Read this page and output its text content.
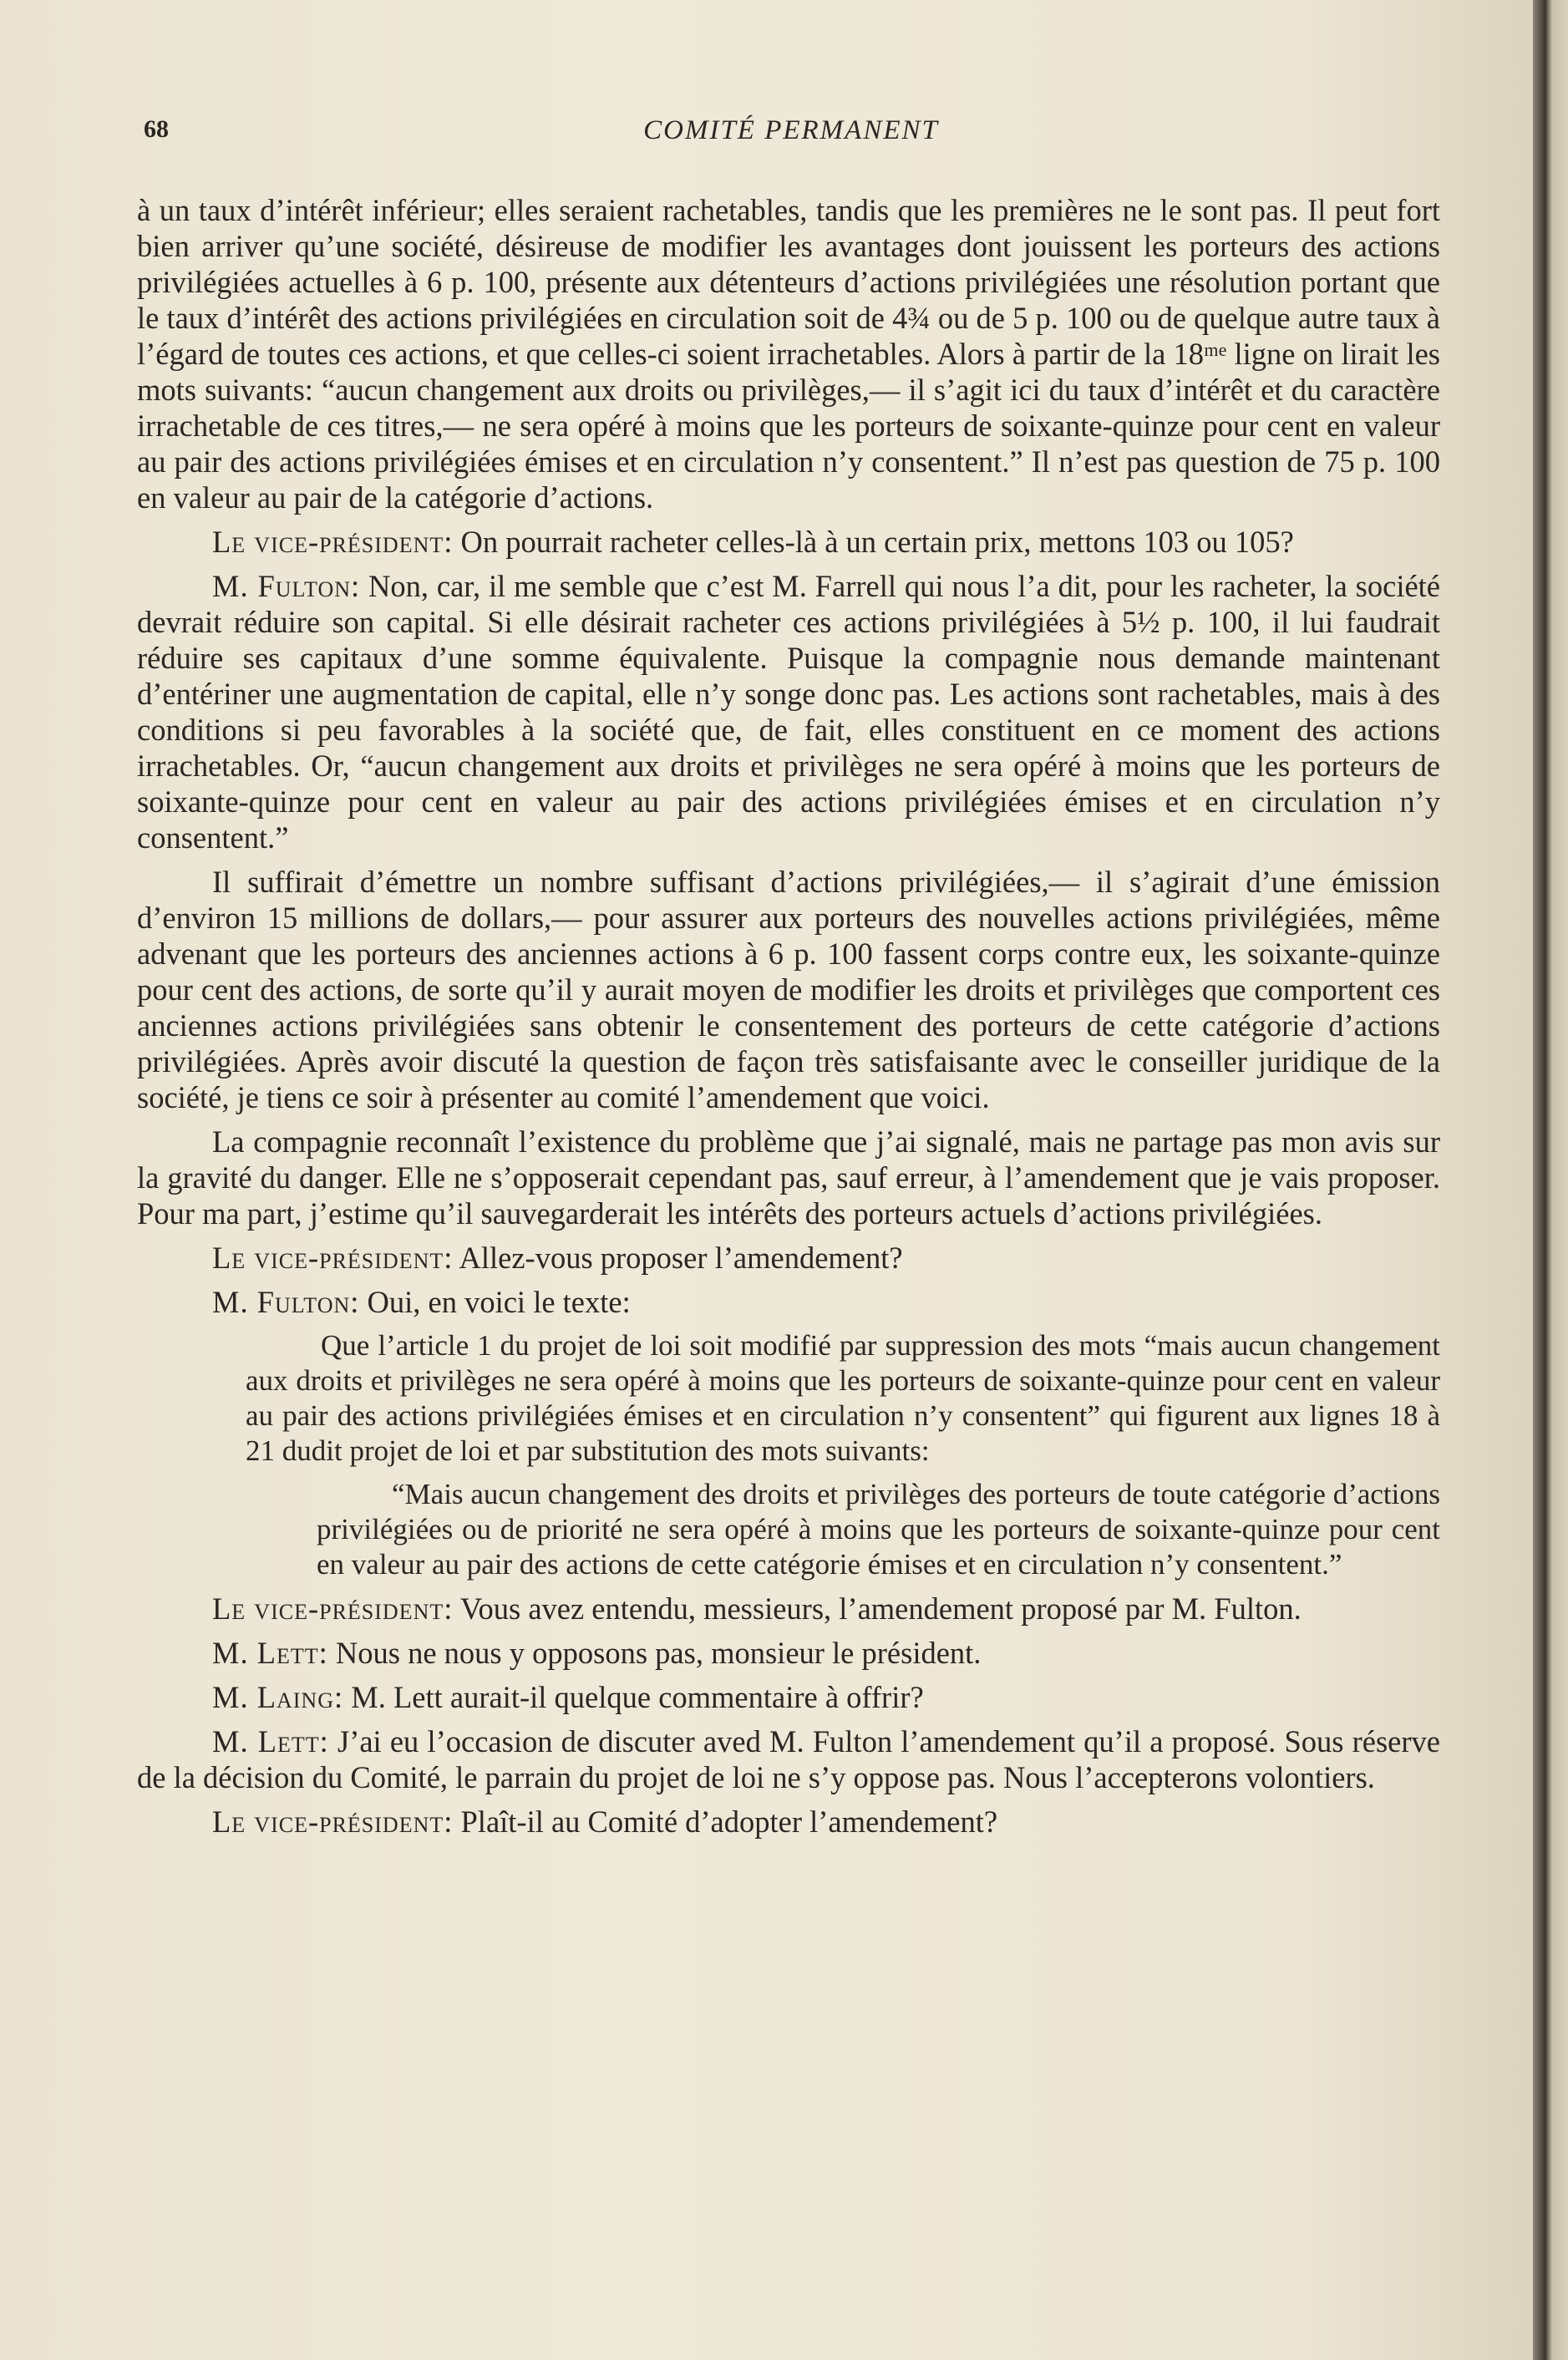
68	COMITÉ PERMANENT

à un taux d’intérêt inférieur; elles seraient rachetables, tandis que les premières ne le sont pas. Il peut fort bien arriver qu’une société, désireuse de modifier les avantages dont jouissent les porteurs des actions privilégiées actuelles à 6 p. 100, présente aux détenteurs d’actions privilégiées une résolution portant que le taux d’intérêt des actions privilégiées en circulation soit de 4¾ ou de 5 p. 100 ou de quelque autre taux à l’égard de toutes ces actions, et que celles-ci soient irrachetables. Alors à partir de la 18ᵐᵉ ligne on lirait les mots suivants: “aucun changement aux droits ou privilèges,— il s’agit ici du taux d’intérêt et du caractère irrachetable de ces titres,— ne sera opéré à moins que les porteurs de soixante-quinze pour cent en valeur au pair des actions privilégiées émises et en circulation n’y consentent.” Il n’est pas question de 75 p. 100 en valeur au pair de la catégorie d’actions.

Le vice-président: On pourrait racheter celles-là à un certain prix, mettons 103 ou 105?

M. Fulton: Non, car, il me semble que c’est M. Farrell qui nous l’a dit, pour les racheter, la société devrait réduire son capital. Si elle désirait racheter ces actions privilégiées à 5½ p. 100, il lui faudrait réduire ses capitaux d’une somme équivalente. Puisque la compagnie nous demande maintenant d’entériner une augmentation de capital, elle n’y songe donc pas. Les actions sont rachetables, mais à des conditions si peu favorables à la société que, de fait, elles constituent en ce moment des actions irrachetables. Or, “aucun changement aux droits et privilèges ne sera opéré à moins que les porteurs de soixante-quinze pour cent en valeur au pair des actions privilégiées émises et en circulation n’y consentent.”

Il suffirait d’émettre un nombre suffisant d’actions privilégiées,— il s’agirait d’une émission d’environ 15 millions de dollars,— pour assurer aux porteurs des nouvelles actions privilégiées, même advenant que les porteurs des anciennes actions à 6 p. 100 fassent corps contre eux, les soixante-quinze pour cent des actions, de sorte qu’il y aurait moyen de modifier les droits et privilèges que comportent ces anciennes actions privilégiées sans obtenir le consentement des porteurs de cette catégorie d’actions privilégiées. Après avoir discuté la question de façon très satisfaisante avec le conseiller juridique de la société, je tiens ce soir à présenter au comité l’amendement que voici.

La compagnie reconnaît l’existence du problème que j’ai signalé, mais ne partage pas mon avis sur la gravité du danger. Elle ne s’opposerait cependant pas, sauf erreur, à l’amendement que je vais proposer. Pour ma part, j’estime qu’il sauvegarderait les intérêts des porteurs actuels d’actions privilégiées.

Le vice-président: Allez-vous proposer l’amendement?

M. Fulton: Oui, en voici le texte:

Que l’article 1 du projet de loi soit modifié par suppression des mots “mais aucun changement aux droits et privilèges ne sera opéré à moins que les porteurs de soixante-quinze pour cent en valeur au pair des actions privilégiées émises et en circulation n’y consentent” qui figurent aux lignes 18 à 21 dudit projet de loi et par substitution des mots suivants:

“Mais aucun changement des droits et privilèges des porteurs de toute catégorie d’actions privilégiées ou de priorité ne sera opéré à moins que les porteurs de soixante-quinze pour cent en valeur au pair des actions de cette catégorie émises et en circulation n’y consentent.”

Le vice-président: Vous avez entendu, messieurs, l’amendement proposé par M. Fulton.

M. Lett: Nous ne nous y opposons pas, monsieur le président.

M. Laing: M. Lett aurait-il quelque commentaire à offrir?

M. Lett: J’ai eu l’occasion de discuter aved M. Fulton l’amendement qu’il a proposé. Sous réserve de la décision du Comité, le parrain du projet de loi ne s’y oppose pas. Nous l’accepterons volontiers.

Le vice-président: Plaît-il au Comité d’adopter l’amendement?
